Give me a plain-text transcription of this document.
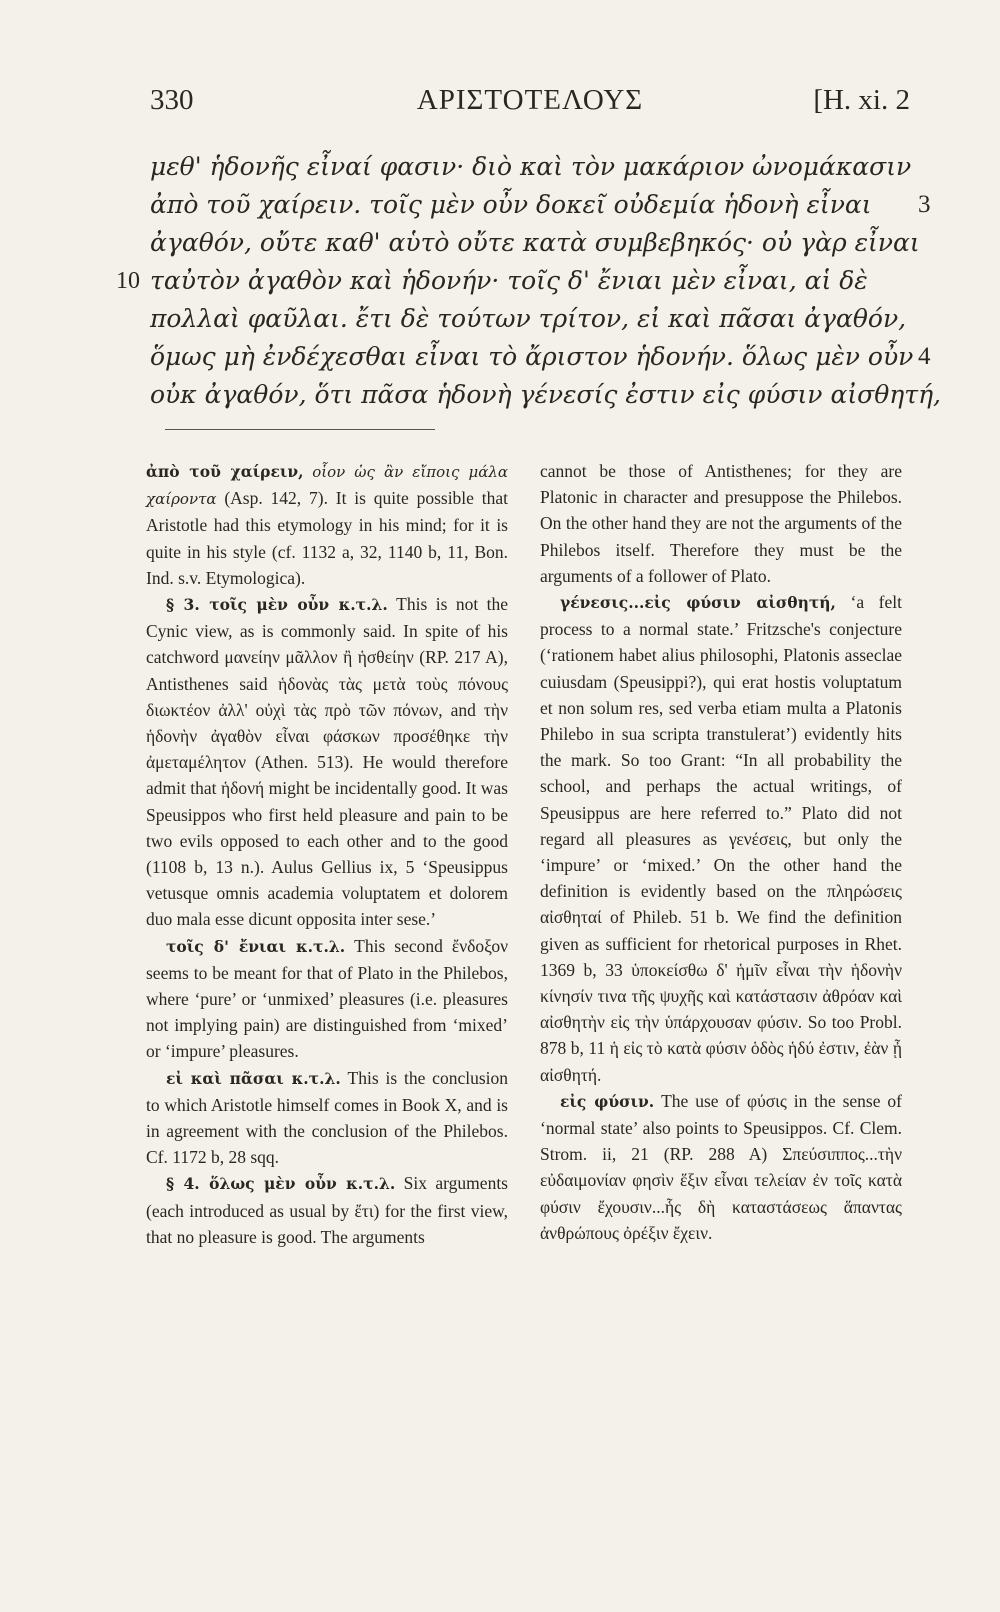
330	ΑΡΙΣΤΟΤΕΛΟΥΣ	[H. xi. 2
μεθ' ἡδονῆς εἶναί φασιν· διὸ καὶ τὸν μακάριον ὠνομάκασιν
ἀπὸ τοῦ χαίρειν. τοῖς μὲν οὖν δοκεῖ οὐδεμία ἡδονὴ εἶναι 3
ἀγαθόν, οὔτε καθ' αὑτὸ οὔτε κατὰ συμβεβηκός· οὐ γὰρ εἶναι
10 ταὐτὸν ἀγαθὸν καὶ ἡδονήν· τοῖς δ' ἔνιαι μὲν εἶναι, αἱ δὲ
πολλαὶ φαῦλαι. ἔτι δὲ τούτων τρίτον, εἰ καὶ πᾶσαι ἀγαθόν,
ὅμως μὴ ἐνδέχεσθαι εἶναι τὸ ἄριστον ἡδονήν. ὅλως μὲν οὖν 4
οὐκ ἀγαθόν, ὅτι πᾶσα ἡδονὴ γένεσίς ἐστιν εἰς φύσιν αἰσθητή,

ἀπὸ τοῦ χαίρειν, οἷον ὡς ἂν εἴποις μάλα χαίροντα (Asp. 142, 7). It is quite possible that Aristotle had this etymology in his mind; for it is quite in his style (cf. 1132 a, 32, 1140 b, 11, Bon. Ind. s.v. Etymologica).

§ 3. τοῖς μὲν οὖν κ.τ.λ. This is not the Cynic view, as is commonly said. In spite of his catchword μανείην μᾶλλον ἢ ἡσθείην (RP. 217 A), Antisthenes said ἡδονὰς τὰς μετὰ τοὺς πόνους διωκτέον ἀλλ' οὐχὶ τὰς πρὸ τῶν πόνων, and τὴν ἡδονὴν ἀγαθὸν εἶναι φάσκων προσέθηκε τὴν ἀμεταμέλητον (Athen. 513). He would therefore admit that ἡδονή might be incidentally good. It was Speusippos who first held pleasure and pain to be two evils opposed to each other and to the good (1108 b, 13 n.). Aulus Gellius ix, 5 ‘Speusippus vetusque omnis academia voluptatem et dolorem duo mala esse dicunt opposita inter sese.’

τοῖς δ' ἔνιαι κ.τ.λ. This second ἔνδοξον seems to be meant for that of Plato in the Philebos, where ‘pure’ or ‘unmixed’ pleasures (i.e. pleasures not implying pain) are distinguished from ‘mixed’ or ‘impure’ pleasures.

εἰ καὶ πᾶσαι κ.τ.λ. This is the conclusion to which Aristotle himself comes in Book X, and is in agreement with the conclusion of the Philebos. Cf. 1172 b, 28 sqq.

§ 4. ὅλως μὲν οὖν κ.τ.λ. Six arguments (each introduced as usual by ἔτι) for the first view, that no pleasure is good. The arguments

cannot be those of Antisthenes; for they are Platonic in character and presuppose the Philebos. On the other hand they are not the arguments of the Philebos itself. Therefore they must be the arguments of a follower of Plato.

γένεσις...εἰς φύσιν αἰσθητή, ‘a felt process to a normal state.’ Fritzsche's conjecture (‘rationem habet alius philosophi, Platonis asseclae cuiusdam (Speusippi?), qui erat hostis voluptatum et non solum res, sed verba etiam multa a Platonis Philebo in sua scripta transtulerat’) evidently hits the mark. So too Grant: “In all probability the school, and perhaps the actual writings, of Speusippus are here referred to.” Plato did not regard all pleasures as γενέσεις, but only the ‘impure’ or ‘mixed.’ On the other hand the definition is evidently based on the πληρώσεις αἰσθηταί of Phileb. 51 b. We find the definition given as sufficient for rhetorical purposes in Rhet. 1369 b, 33 ὑποκείσθω δ' ἡμῖν εἶναι τὴν ἡδονὴν κίνησίν τινα τῆς ψυχῆς καὶ κατάστασιν ἀθρόαν καὶ αἰσθητὴν εἰς τὴν ὑπάρχουσαν φύσιν. So too Probl. 878 b, 11 ἡ εἰς τὸ κατὰ φύσιν ὁδὸς ἡδύ ἐστιν, ἐὰν ᾖ αἰσθητή.

εἰς φύσιν. The use of φύσις in the sense of ‘normal state’ also points to Speusippos. Cf. Clem. Strom. ii, 21 (RP. 288 A) Σπεύσιππος...τὴν εὐδαιμονίαν φησὶν ἕξιν εἶναι τελείαν ἐν τοῖς κατὰ φύσιν ἔχουσιν...ἧς δὴ καταστάσεως ἅπαντας ἀνθρώπους ὀρέξιν ἔχειν.
